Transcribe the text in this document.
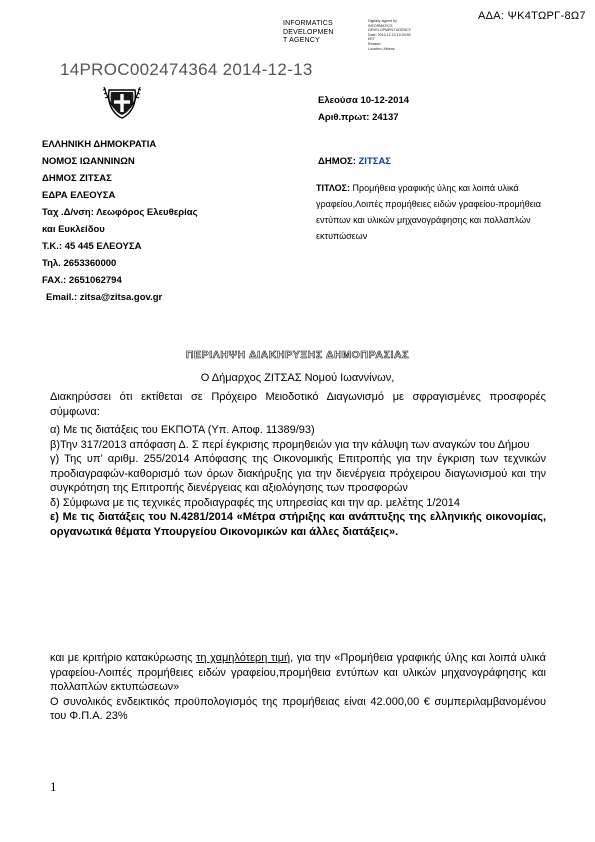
ΑΔΑ: ΨΚ4ΤΩΡΓ-8Ω7
INFORMATICS
DEVELOPMEN
T AGENCY
Digitally signed by
INFORMATICS
DEVELOPMENT AGENCY
Date: 2014.12.13 19:29:55
EET
Reason:
Location: Athens
14PROC002474364 2014-12-13
Ελεούσα 10-12-2014
Αριθ.πρωτ: 24137
ΕΛΛΗΝΙΚΗ ΔΗΜΟΚΡΑΤΙΑ
ΝΟΜΟΣ ΙΩΑΝΝΙΝΩΝ
ΔΗΜΟΣ ΖΙΤΣΑΣ
ΕΔΡΑ ΕΛΕΟΥΣΑ
Ταχ .Δ/νση: Λεωφόρος Ελευθερίας
και Ευκλείδου
Τ.Κ.: 45 445 ΕΛΕΟΥΣΑ
Τηλ. 2653360000
FAX.: 2651062794
Email.: zitsa@zitsa.gov.gr
ΔΗΜΟΣ: ΖΙΤΣΑΣ
ΤΙΤΛΟΣ: Προμήθεια γραφικής ύλης και λοιπά υλικά γραφείου,Λοιπές προμήθειες ειδών γραφείου-προμήθεια εντύπων και υλικών μηχανογράφησης και πολλαπλών εκτυπώσεων
ΠΕΡΙΛΗΨΗ ΔΙΑΚΗΡΥΞΗΣ ΔΗΜΟΠΡΑΣΙΑΣ
Ο Δήμαρχος ΖΙΤΣΑΣ Νομού Ιωαννίνων,

Διακηρύσσει ότι εκτίθεται σε Πρόχειρο Μειοδοτικό Διαγωνισμό με σφραγισμένες προσφορές σύμφωνα:

α) Με τις διατάξεις του ΕΚΠΟΤΑ (Υπ. Αποφ. 11389/93)

β)Την 317/2013 απόφαση Δ. Σ περί έγκρισης προμηθειών για την κάλυψη των αναγκών του Δήμου

γ) Της υπ’ αριθμ. 255/2014 Απόφασης της Οικονομικής Επιτροπής για την έγκριση των τεχνικών προδιαγραφών-καθορισμό των όρων διακήρυξης για την διενέργεια πρόχειρου διαγωνισμού και την συγκρότηση της Επιτροπής διενέργειας και αξιολόγησης των προσφορών

δ) Σύμφωνα με τις τεχνικές προδιαγραφές της υπηρεσίας και την αρ. μελέτης 1/2014

ε) Με τις διατάξεις του Ν.4281/2014 «Μέτρα στήριξης και ανάπτυξης της ελληνικής οικονομίας, οργανωτικά θέματα Υπουργείου Οικονομικών και άλλες διατάξεις».

και με κριτήριο κατακύρωσης τη χαμηλότερη τιμή, για την «Προμήθεια γραφικής ύλης και λοιπά υλικά γραφείου-Λοιπές προμήθειες ειδών γραφείου,προμήθεια εντύπων και υλικών μηχανογράφησης και πολλαπλών εκτυπώσεων»

Ο συνολικός ενδεικτικός προϋπολογισμός της προμήθειας είναι 42.000,00 € συμπεριλαμβανομένου του Φ.Π.Α. 23%

1
